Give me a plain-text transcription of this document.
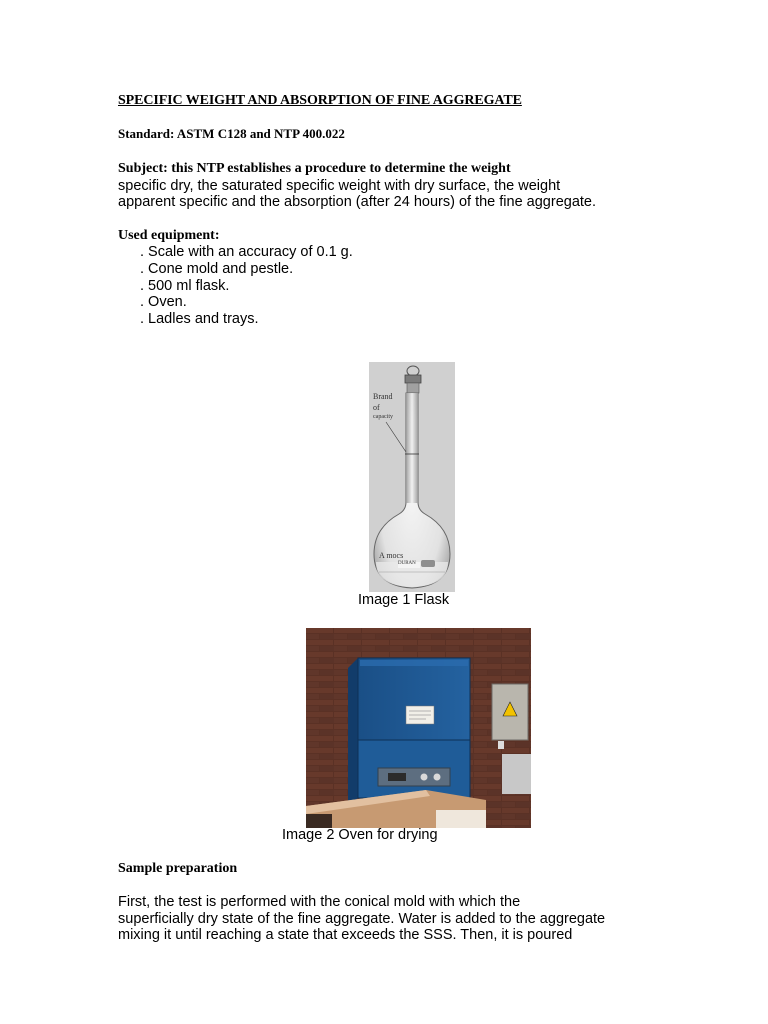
SPECIFIC WEIGHT AND ABSORPTION OF FINE AGGREGATE
Standard: ASTM C128 and NTP 400.022
Subject: this NTP establishes a procedure to determine the weight
specific dry, the saturated specific weight with dry surface, the weight
apparent specific and the absorption (after 24 hours) of the fine aggregate.
Used equipment:
. Scale with an accuracy of 0.1 g.
. Cone mold and pestle.
. 500 ml flask.
. Oven.
. Ladles and trays.
Brand
of
capacity
A mocs
DURAN
Image 1 Flask
Image 2 Oven for drying
Sample preparation
First, the test is performed with the conical mold with which the
superficially dry state of the fine aggregate. Water is added to the aggregate
mixing it until reaching a state that exceeds the SSS. Then, it is poured
